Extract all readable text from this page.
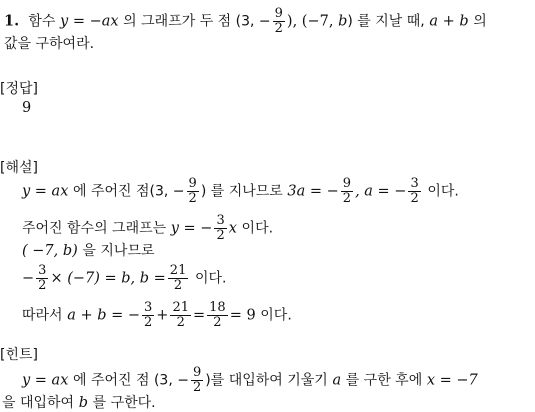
1. 함수 y = −ax 의 그래프가 두 점 (3, − $\frac{9}{2}$ ), (−7, b) 를 지날 때, a + b 의
값을 구하여라.
[정답]
9
[해설]
y = ax 에 주어진 점(3, − $\frac{9}{2}$ ) 를 지나므로 3a = − $\frac{9}{2}$ , a = − $\frac{3}{2}$ 이다.
주어진 함수의 그래프는 y = − $\frac{3}{2}$ x 이다.
( −7, b) 을 지나므로
− $\frac{3}{2} \times (-7) = b$, $b = \frac{21}{2}$ 이다.
따라서 a + b = − $\frac{3}{2} + \frac{21}{2} = \frac{18}{2} = 9$ 이다.
[힌트]
y = ax 에 주어진 점 (3, − $\frac{9}{2}$ )를 대입하여 기울기 a 를 구한 후에 x = −7
을 대입하여 b 를 구한다.
